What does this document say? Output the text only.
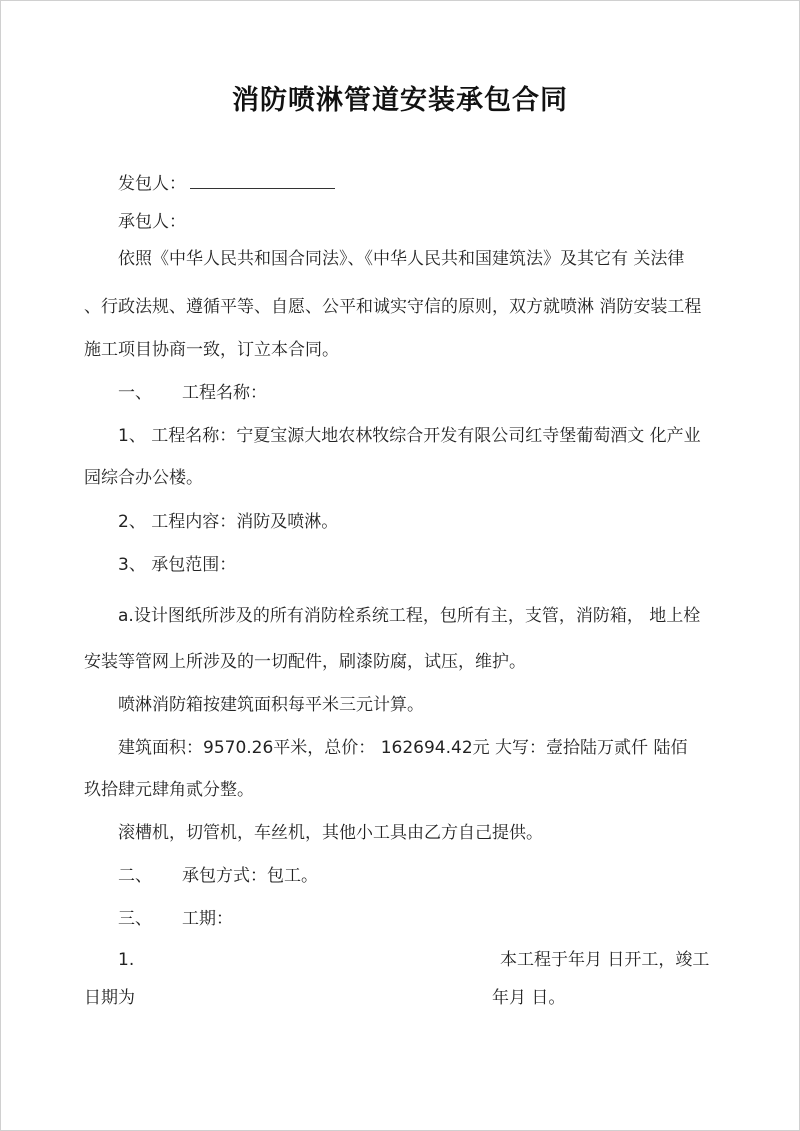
消防喷淋管道安装承包合同
发包人：
承包人：
依照《中华人民共和国合同法》、《中华人民共和国建筑法》及其它有 关法律
、行政法规、遵循平等、自愿、公平和诚实守信的原则，双方就喷淋 消防安装工程
施工项目协商一致，订立本合同。
一、 工程名称：
1、 工程名称：宁夏宝源大地农林牧综合开发有限公司红寺堡葡萄酒文 化产业
园综合办公楼。
2、 工程内容：消防及喷淋。
3、 承包范围：
a.设计图纸所涉及的所有消防栓系统工程，包所有主，支管，消防箱， 地上栓
安装等管网上所涉及的一切配件，刷漆防腐，试压，维护。
喷淋消防箱按建筑面积每平米三元计算。
建筑面积：9570.26平米，总价： 162694.42元 大写：壹拾陆万贰仟 陆佰
玖拾肆元肆角贰分整。
滚槽机，切管机，车丝机，其他小工具由乙方自己提供。
二、 承包方式：包工。
三、 工期：
1.	本工程于年月 日开工，竣工
日期为	年月 日。
